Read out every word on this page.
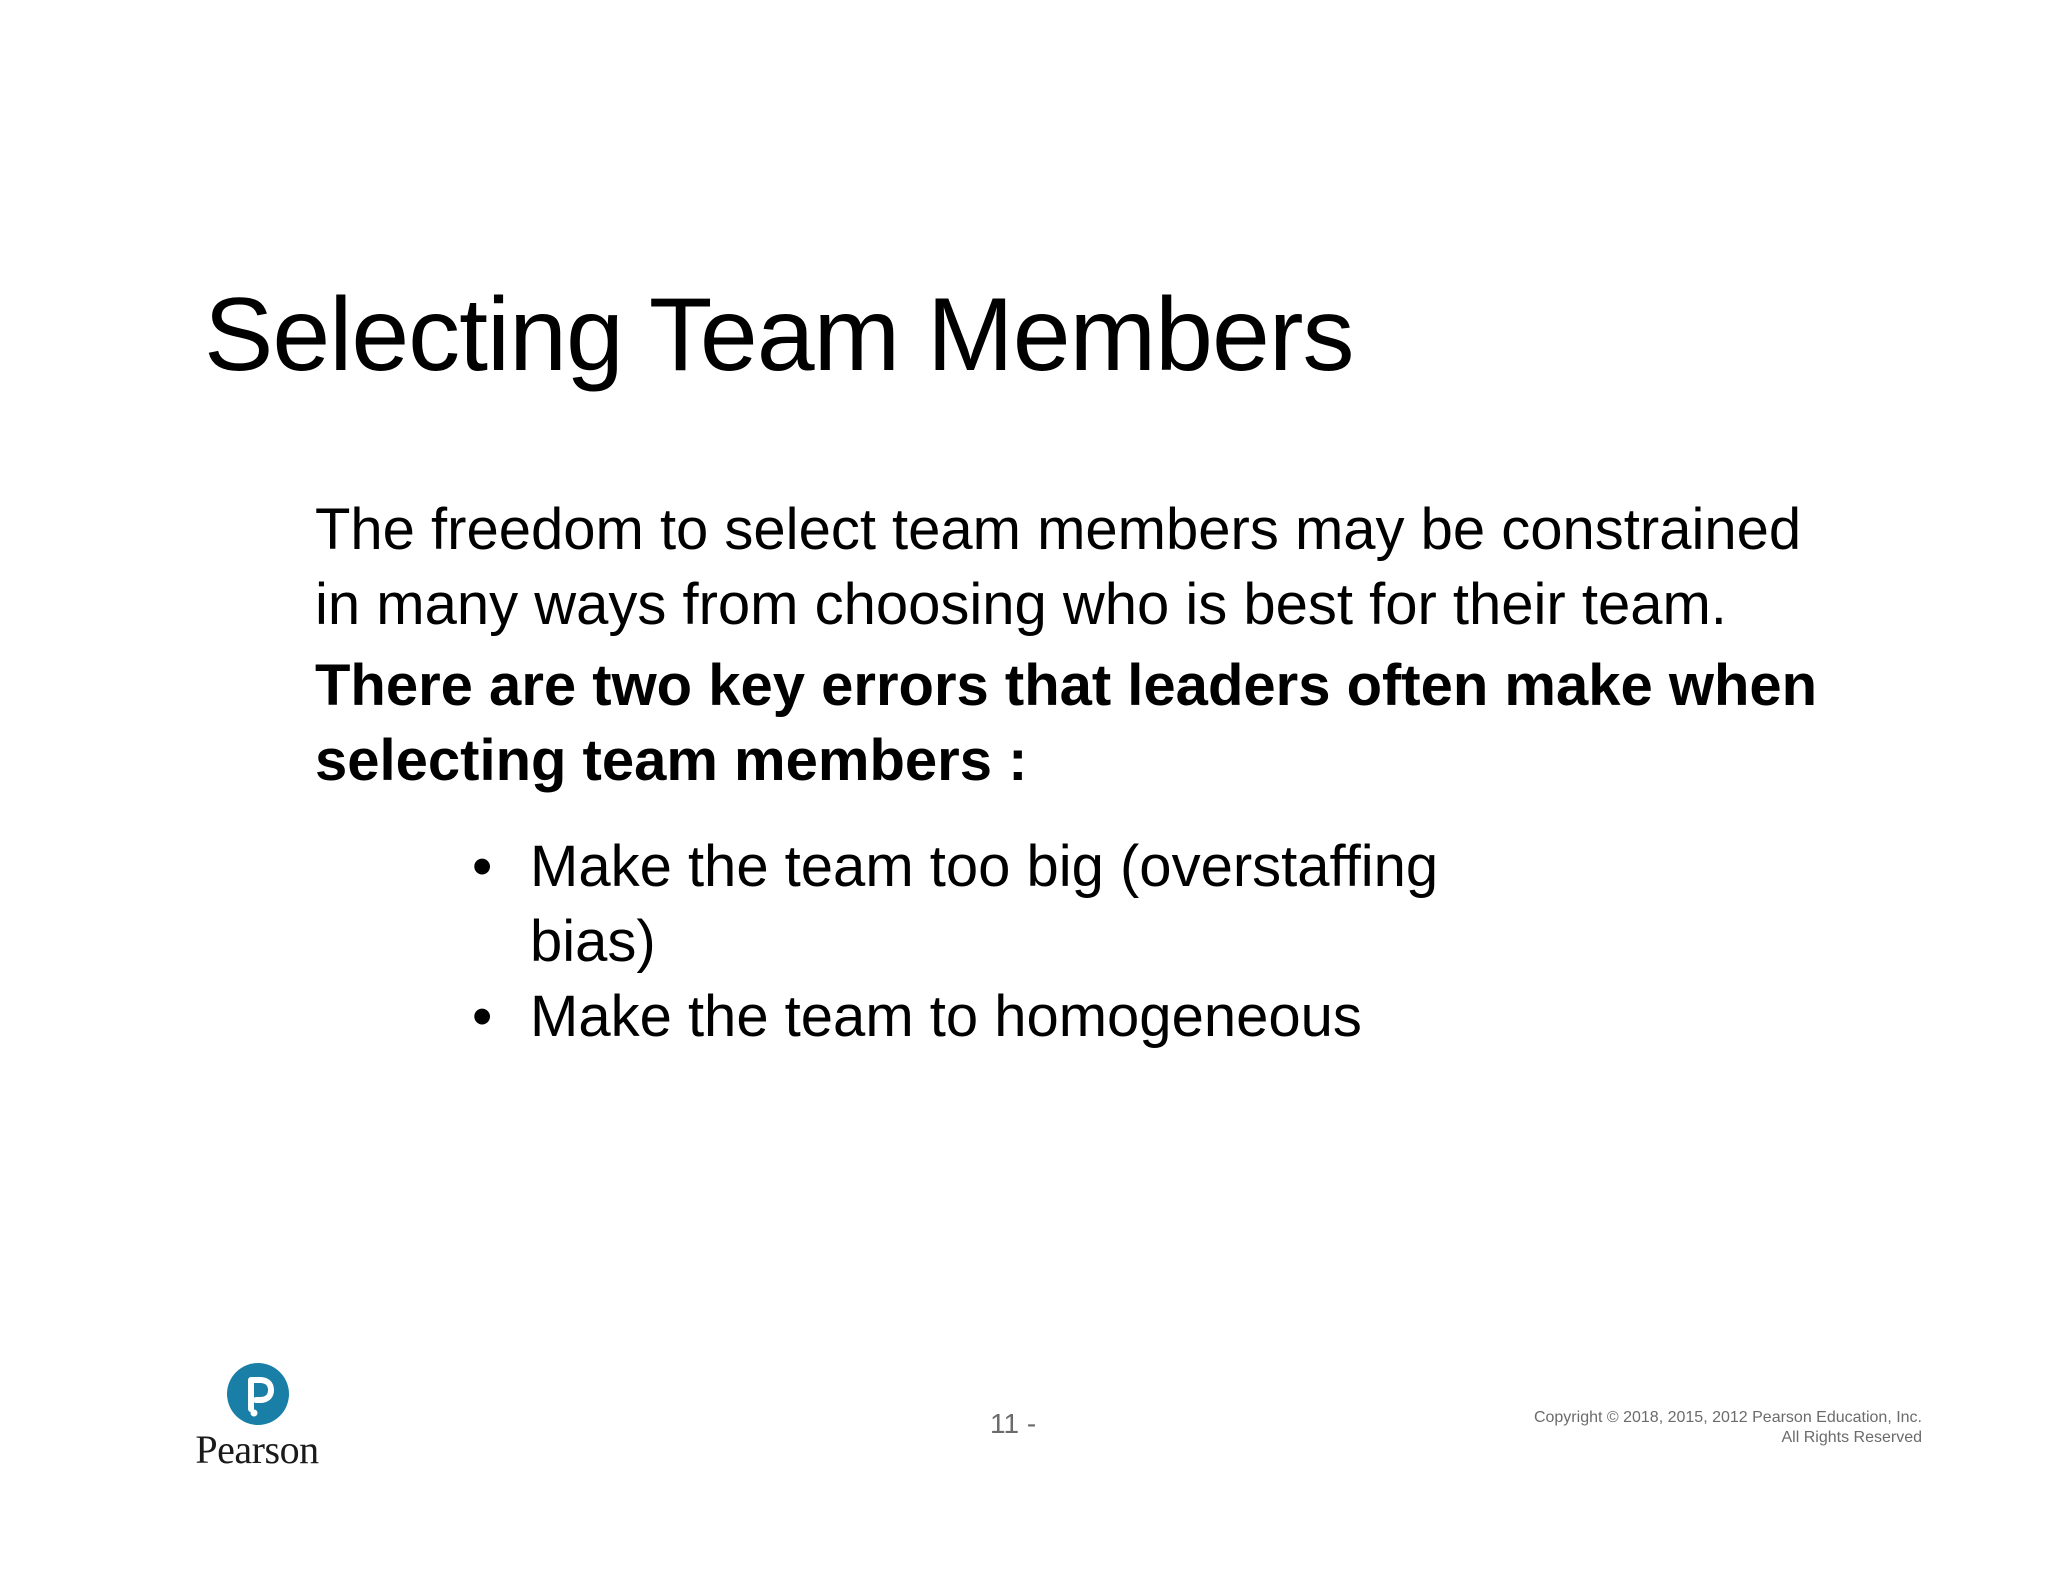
Selecting Team Members

The freedom to select team members may be constrained in many ways from choosing who is best for their team.

There are two key errors that leaders often make when selecting team members :

• Make the team too big (overstaffing bias)
• Make the team to homogeneous
Pearson
11 -	Copyright © 2018, 2015, 2012 Pearson Education, Inc.
All Rights Reserved
